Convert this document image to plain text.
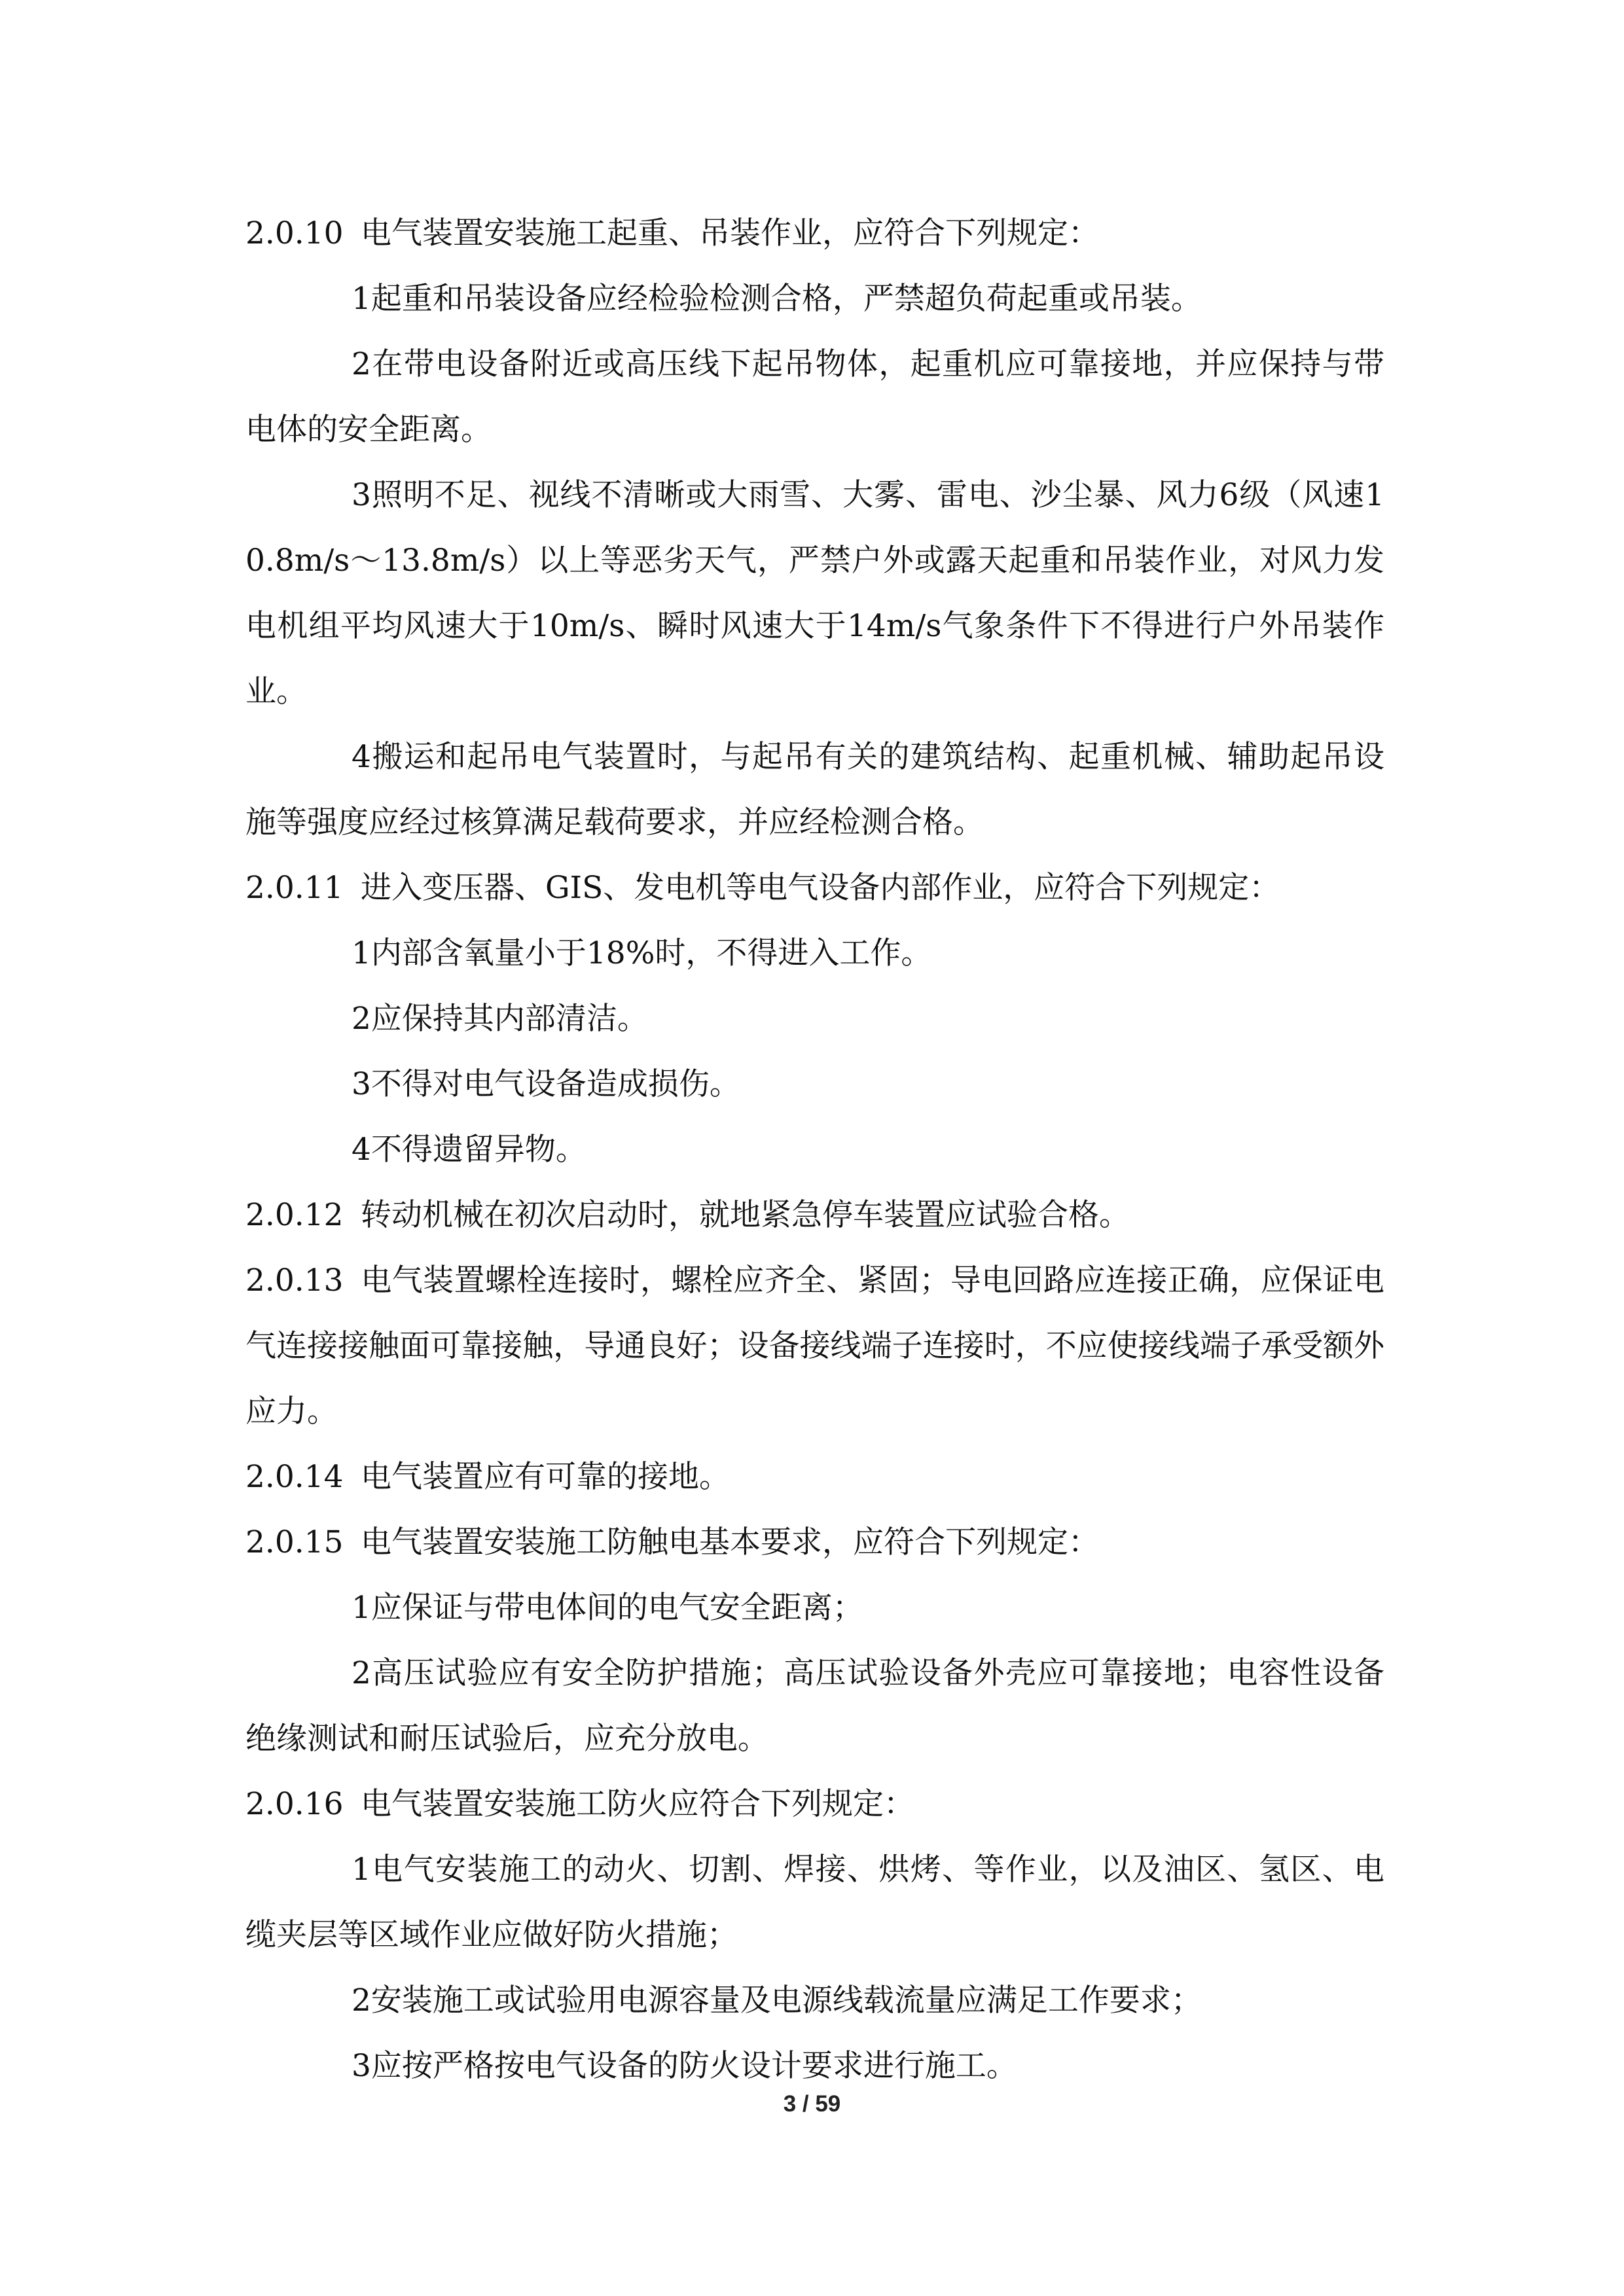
2.0.10 电气装置安装施工起重、吊装作业，应符合下列规定：

1起重和吊装设备应经检验检测合格，严禁超负荷起重或吊装。

2在带电设备附近或高压线下起吊物体，起重机应可靠接地，并应保持与带电体的安全距离。

3照明不足、视线不清晰或大雨雪、大雾、雷电、沙尘暴、风力6级（风速10.8m/s～13.8m/s）以上等恶劣天气，严禁户外或露天起重和吊装作业，对风力发电机组平均风速大于10m/s、瞬时风速大于14m/s气象条件下不得进行户外吊装作业。

4搬运和起吊电气装置时，与起吊有关的建筑结构、起重机械、辅助起吊设施等强度应经过核算满足载荷要求，并应经检测合格。

2.0.11 进入变压器、GIS、发电机等电气设备内部作业，应符合下列规定：

1内部含氧量小于18%时，不得进入工作。

2应保持其内部清洁。

3不得对电气设备造成损伤。

4不得遗留异物。

2.0.12 转动机械在初次启动时，就地紧急停车装置应试验合格。

2.0.13 电气装置螺栓连接时，螺栓应齐全、紧固；导电回路应连接正确，应保证电气连接接触面可靠接触，导通良好；设备接线端子连接时，不应使接线端子承受额外应力。

2.0.14 电气装置应有可靠的接地。

2.0.15 电气装置安装施工防触电基本要求，应符合下列规定：

1应保证与带电体间的电气安全距离；

2高压试验应有安全防护措施；高压试验设备外壳应可靠接地；电容性设备绝缘测试和耐压试验后，应充分放电。

2.0.16 电气装置安装施工防火应符合下列规定：

1电气安装施工的动火、切割、焊接、烘烤、等作业，以及油区、氢区、电缆夹层等区域作业应做好防火措施；

2安装施工或试验用电源容量及电源线载流量应满足工作要求；

3应按严格按电气设备的防火设计要求进行施工。

3 / 59
